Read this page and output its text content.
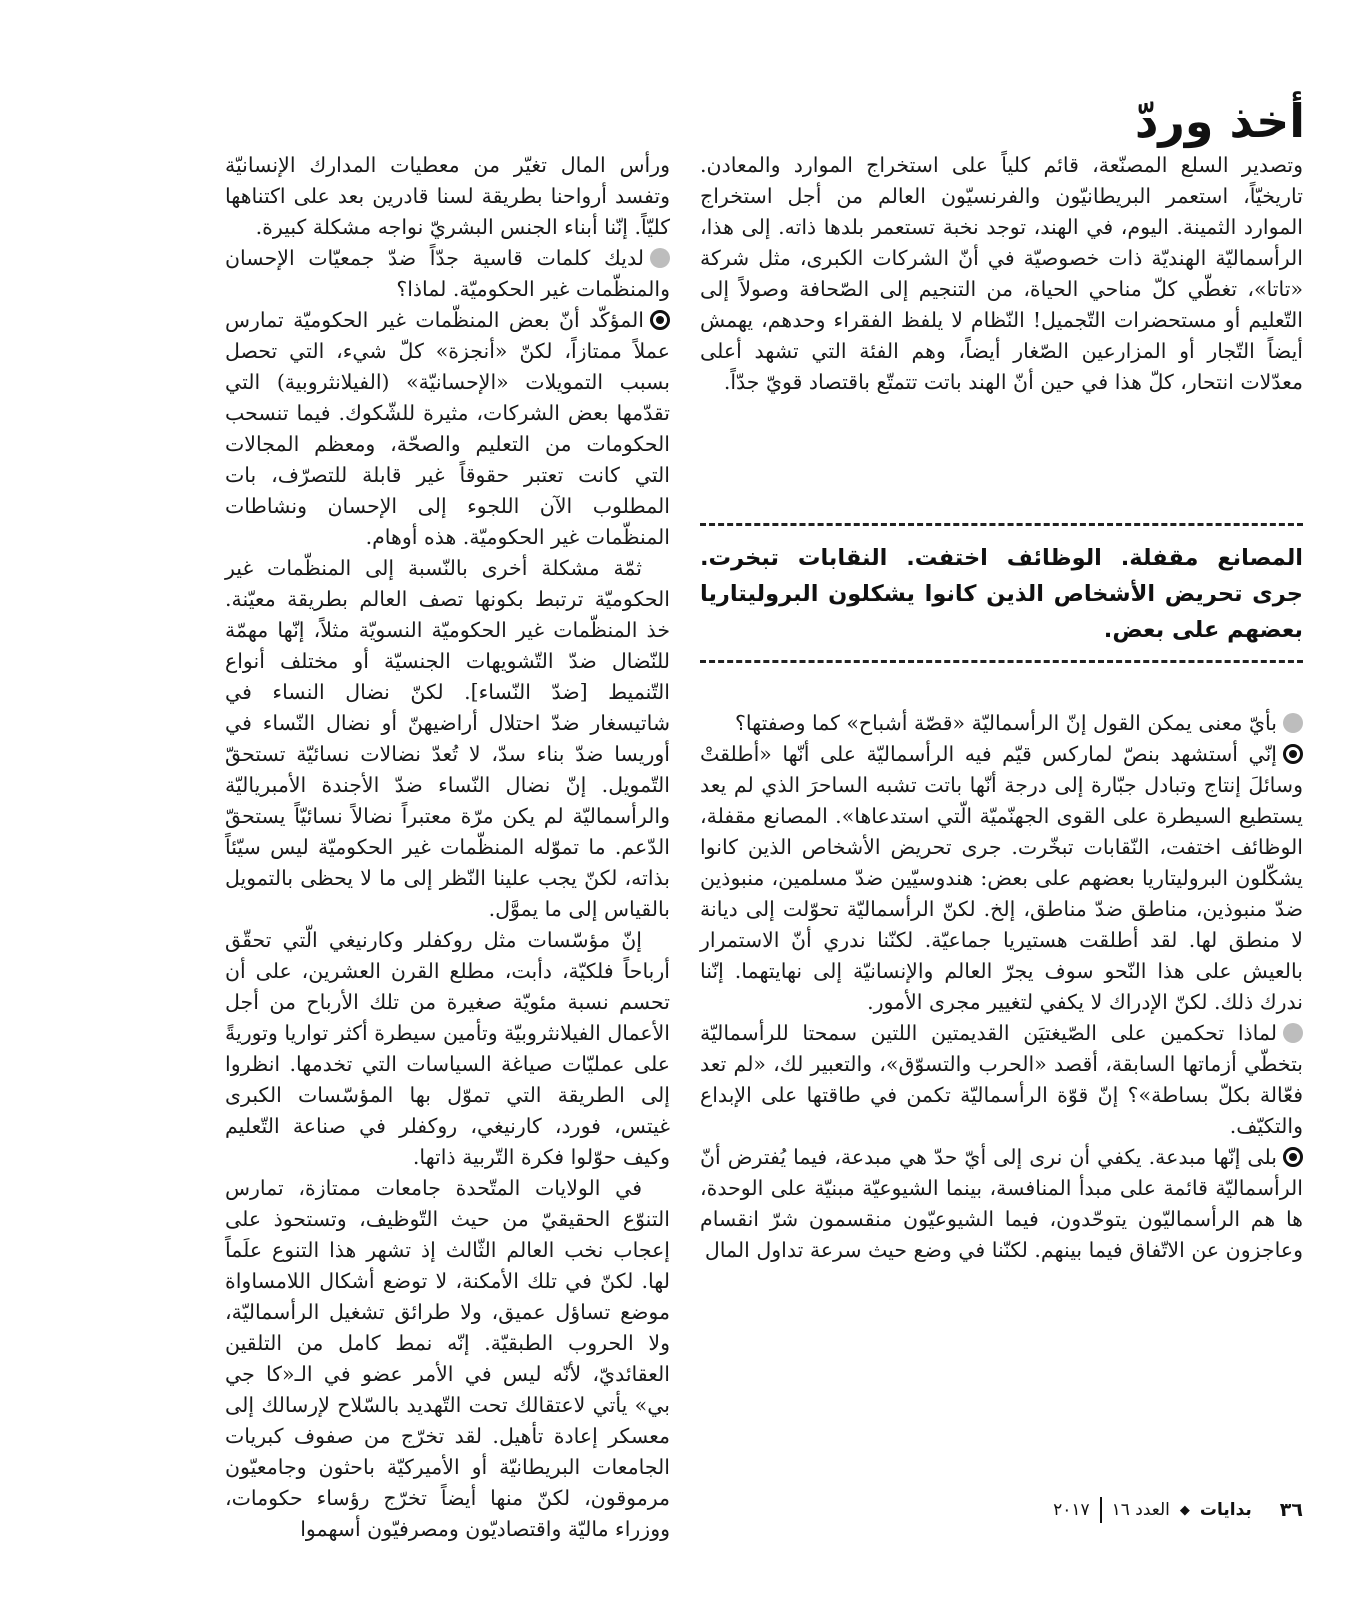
أخذ وردّ

وتصدير السلع المصنّعة، قائم كلياً على استخراج الموارد والمعادن. تاريخيّاً، استعمر البريطانيّون والفرنسيّون العالم من أجل استخراج الموارد الثمينة. اليوم، في الهند، توجد نخبة تستعمر بلدها ذاته. إلى هذا، الرأسماليّة الهنديّة ذات خصوصيّة في أنّ الشركات الكبرى، مثل شركة «تاتا»، تغطّي كلّ مناحي الحياة، من التنجيم إلى الصّحافة وصولاً إلى التّعليم أو مستحضرات التّجميل! النّظام لا يلفظ الفقراء وحدهم، يهمش أيضاً التّجار أو المزارعين الصّغار أيضاً، وهم الفئة التي تشهد أعلى معدّلات انتحار، كلّ هذا في حين أنّ الهند باتت تتمتّع باقتصاد قويّ جدّاً.

المصانع مقفلة. الوظائف اختفت. النقابات تبخرت. جرى تحريض الأشخاص الذين كانوا يشكلون البروليتاريا بعضهم على بعض.

بأيّ معنى يمكن القول إنّ الرأسماليّة «قصّة أشباح» كما وصفتها؟

إنّي أستشهد بنصّ لماركس قيّم فيه الرأسماليّة على أنّها «أطلقتْ وسائلَ إنتاج وتبادل جبّارة إلى درجة أنّها باتت تشبه الساحرَ الذي لم يعد يستطيع السيطرة على القوى الجهنّميّة الّتي استدعاها». المصانع مقفلة، الوظائف اختفت، النّقابات تبخّرت. جرى تحريض الأشخاص الذين كانوا يشكّلون البروليتاريا بعضهم على بعض: هندوسيّين ضدّ مسلمين، منبوذين ضدّ منبوذين، مناطق ضدّ مناطق، إلخ. لكنّ الرأسماليّة تحوّلت إلى ديانة لا منطق لها. لقد أطلقت هستيريا جماعيّة. لكنّنا ندري أنّ الاستمرار بالعيش على هذا النّحو سوف يجرّ العالم والإنسانيّة إلى نهايتهما. إنّنا ندرك ذلك. لكنّ الإدراك لا يكفي لتغيير مجرى الأمور.

لماذا تحكمين على الصّيغتيَن القديمتين اللتين سمحتا للرأسماليّة بتخطّي أزماتها السابقة، أقصد «الحرب والتسوّق»، والتعبير لك، «لم تعد فعّالة بكلّ بساطة»؟ إنّ قوّة الرأسماليّة تكمن في طاقتها على الإبداع والتكيّف.

بلى إنّها مبدعة. يكفي أن نرى إلى أيّ حدّ هي مبدعة، فيما يُفترض أنّ الرأسماليّة قائمة على مبدأ المنافسة، بينما الشيوعيّة مبنيّة على الوحدة، ها هم الرأسماليّون يتوحّدون، فيما الشيوعيّون منقسمون شرّ انقسام وعاجزون عن الاتّفاق فيما بينهم. لكنّنا في وضع حيث سرعة تداول المال

ورأس المال تغيّر من معطيات المدارك الإنسانيّة وتفسد أرواحنا بطريقة لسنا قادرين بعد على اكتناهها كليّاً. إنّنا أبناء الجنس البشريّ نواجه مشكلة كبيرة.

لديك كلمات قاسية جدّاً ضدّ جمعيّات الإحسان والمنظّمات غير الحكوميّة. لماذا؟

المؤكّد أنّ بعض المنظّمات غير الحكوميّة تمارس عملاً ممتازاً، لكنّ «أنجزة» كلّ شيء، التي تحصل بسبب التمويلات «الإحسانيّة» (الفيلانثروبية) التي تقدّمها بعض الشركات، مثيرة للشّكوك. فيما تنسحب الحكومات من التعليم والصحّة، ومعظم المجالات التي كانت تعتبر حقوقاً غير قابلة للتصرّف، بات المطلوب الآن اللجوء إلى الإحسان ونشاطات المنظّمات غير الحكوميّة. هذه أوهام.

ثمّة مشكلة أخرى بالنّسبة إلى المنظّمات غير الحكوميّة ترتبط بكونها تصف العالم بطريقة معيّنة. خذ المنظّمات غير الحكوميّة النسويّة مثلاً، إنّها مهمّة للنّضال ضدّ التّشويهات الجنسيّة أو مختلف أنواع التّنميط [ضدّ النّساء]. لكنّ نضال النساء في شاتيسغار ضدّ احتلال أراضيهنّ أو نضال النّساء في أوريسا ضدّ بناء سدّ، لا تُعدّ نضالات نسائيّة تستحقّ التّمويل. إنّ نضال النّساء ضدّ الأجندة الأمبرياليّة والرأسماليّة لم يكن مرّة معتبراً نضالاً نسائيّاً يستحقّ الدّعم. ما تموّله المنظّمات غير الحكوميّة ليس سيّئاً بذاته، لكنّ يجب علينا النّظر إلى ما لا يحظى بالتمويل بالقياس إلى ما يموَّل.

إنّ مؤسّسات مثل روكفلر وكارنيغي الّتي تحقّق أرباحاً فلكيّة، دأبت، مطلع القرن العشرين، على أن تحسم نسبة مئويّة صغيرة من تلك الأرباح من أجل الأعمال الفيلانثروبيّة وتأمين سيطرة أكثر تواريا وتوريةً على عمليّات صياغة السياسات التي تخدمها. انظروا إلى الطريقة التي تموّل بها المؤسّسات الكبرى غيتس، فورد، كارنيغي، روكفلر في صناعة التّعليم وكيف حوّلوا فكرة التّربية ذاتها.

في الولايات المتّحدة جامعات ممتازة، تمارس التنوّع الحقيقيّ من حيث التّوظيف، وتستحوذ على إعجاب نخب العالم الثّالث إذ تشهر هذا التنوع علَماً لها. لكنّ في تلك الأمكنة، لا توضع أشكال اللامساواة موضع تساؤل عميق، ولا طرائق تشغيل الرأسماليّة، ولا الحروب الطبقيّة. إنّه نمط كامل من التلقين العقائديّ، لأنّه ليس في الأمر عضو في الـ«كا جي بي» يأتي لاعتقالك تحت التّهديد بالسّلاح لإرسالك إلى معسكر إعادة تأهيل. لقد تخرّج من صفوف كبريات الجامعات البريطانيّة أو الأميركيّة باحثون وجامعيّون مرموقون، لكنّ منها أيضاً تخرّج رؤساء حكومات، ووزراء ماليّة واقتصاديّون ومصرفيّون أسهموا

٣٦
بدايات
◆
العدد ١٦
٢٠١٧
